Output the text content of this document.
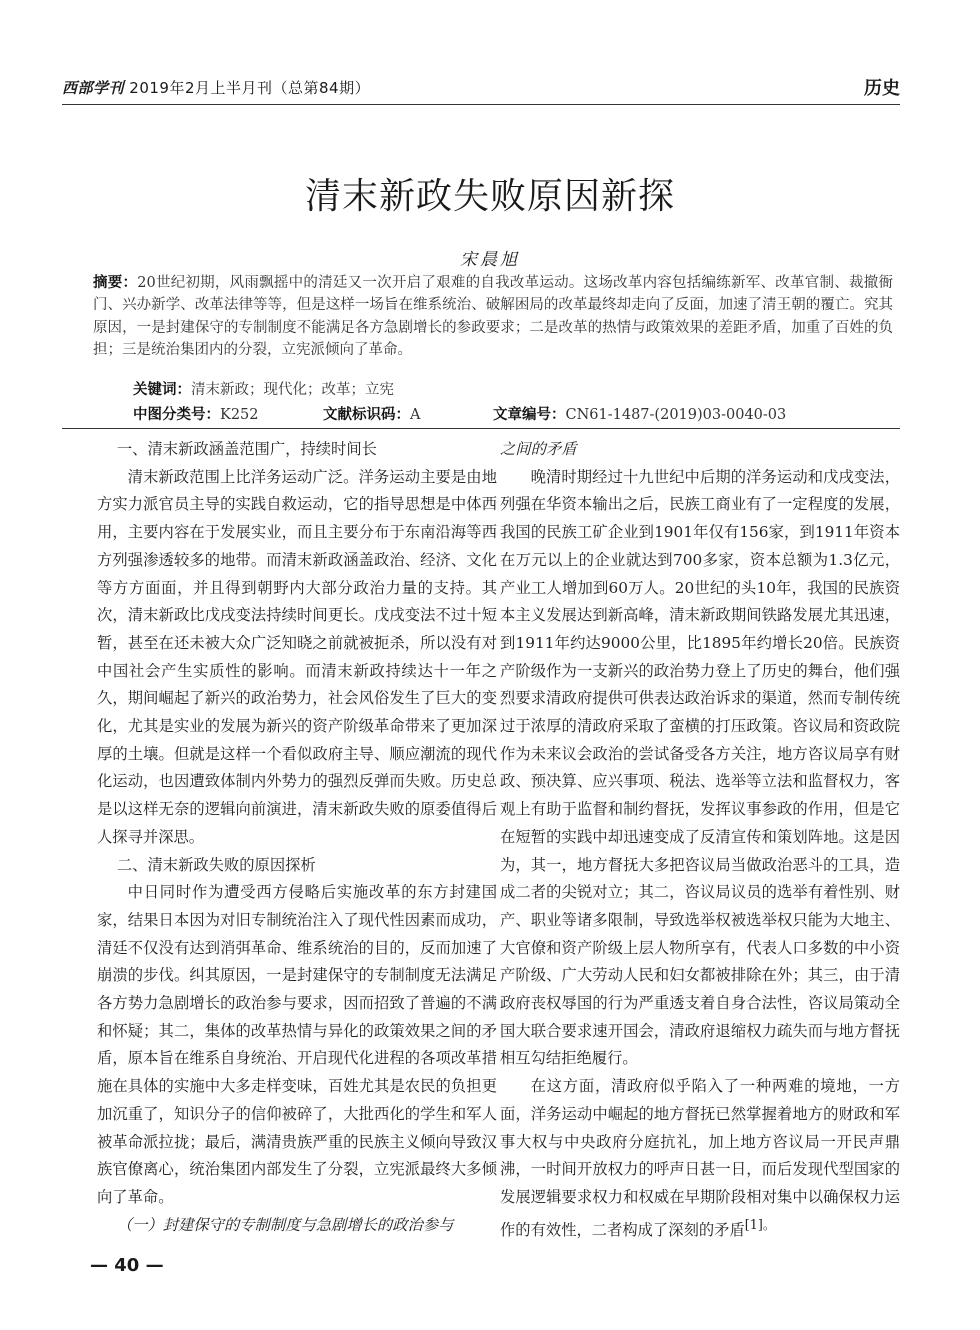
西部学刊 2019年2月上半月刊（总第84期）	历史
清末新政失败原因新探
宋晨旭
摘要：20世纪初期，风雨飘摇中的清廷又一次开启了艰难的自我改革运动。这场改革内容包括编练新军、改革官制、裁撤衙门、兴办新学、改革法律等等，但是这样一场旨在维系统治、破解困局的改革最终却走向了反面，加速了清王朝的覆亡。究其原因，一是封建保守的专制制度不能满足各方急剧增长的参政要求；二是改革的热情与政策效果的差距矛盾，加重了百姓的负担；三是统治集团内的分裂，立宪派倾向了革命。
关键词：清末新政；现代化；改革；立宪
中图分类号：K252	文献标识码：A	文章编号：CN61-1487-(2019)03-0040-03
一、清末新政涵盖范围广，持续时间长

清末新政范围上比洋务运动广泛。洋务运动主要是由地方实力派官员主导的实践自救运动，它的指导思想是中体西用，主要内容在于发展实业，而且主要分布于东南沿海等西方列强渗透较多的地带。而清末新政涵盖政治、经济、文化等方方面面，并且得到朝野内大部分政治力量的支持。其次，清末新政比戊戌变法持续时间更长。戊戌变法不过十短暂，甚至在还未被大众广泛知晓之前就被扼杀，所以没有对中国社会产生实质性的影响。而清末新政持续达十一年之久，期间崛起了新兴的政治势力，社会风俗发生了巨大的变化，尤其是实业的发展为新兴的资产阶级革命带来了更加深厚的土壤。但就是这样一个看似政府主导、顺应潮流的现代化运动，也因遭致体制内外势力的强烈反弹而失败。历史总是以这样无奈的逻辑向前演进，清末新政失败的原委值得后人探寻并深思。

二、清末新政失败的原因探析

中日同时作为遭受西方侵略后实施改革的东方封建国家，结果日本因为对旧专制统治注入了现代性因素而成功，清廷不仅没有达到消弭革命、维系统治的目的，反而加速了崩溃的步伐。纠其原因，一是封建保守的专制制度无法满足各方势力急剧增长的政治参与要求，因而招致了普遍的不满和怀疑；其二，集体的改革热情与异化的政策效果之间的矛盾，原本旨在维系自身统治、开启现代化进程的各项改革措施在具体的实施中大多走样变味，百姓尤其是农民的负担更加沉重了，知识分子的信仰被碎了，大批西化的学生和军人被革命派拉拢；最后，满清贵族严重的民族主义倾向导致汉族官僚离心，统治集团内部发生了分裂，立宪派最终大多倾向了革命。

（一）封建保守的专制制度与急剧增长的政治参与
之间的矛盾

晚清时期经过十九世纪中后期的洋务运动和戊戌变法，列强在华资本输出之后，民族工商业有了一定程度的发展，我国的民族工矿企业到1901年仅有156家，到1911年资本在万元以上的企业就达到700多家，资本总额为1.3亿元，产业工人增加到60万人。20世纪的头10年，我国的民族资本主义发展达到新高峰，清末新政期间铁路发展尤其迅速，到1911年约达9000公里，比1895年约增长20倍。民族资产阶级作为一支新兴的政治势力登上了历史的舞台，他们强烈要求清政府提供可供表达政治诉求的渠道，然而专制传统过于浓厚的清政府采取了蛮横的打压政策。咨议局和资政院作为未来议会政治的尝试备受各方关注，地方咨议局享有财政、预决算、应兴事项、税法、选举等立法和监督权力，客观上有助于监督和制约督抚，发挥议事参政的作用，但是它在短暂的实践中却迅速变成了反清宣传和策划阵地。这是因为，其一，地方督抚大多把咨议局当做政治恶斗的工具，造成二者的尖锐对立；其二，咨议局议员的选举有着性别、财产、职业等诸多限制，导致选举权被选举权只能为大地主、大官僚和资产阶级上层人物所享有，代表人口多数的中小资产阶级、广大劳动人民和妇女都被排除在外；其三，由于清政府丧权辱国的行为严重透支着自身合法性，咨议局策动全国大联合要求速开国会，清政府退缩权力疏失而与地方督抚相互勾结拒绝履行。

在这方面，清政府似乎陷入了一种两难的境地，一方面，洋务运动中崛起的地方督抚已然掌握着地方的财政和军事大权与中央政府分庭抗礼，加上地方咨议局一开民声鼎沸，一时间开放权力的呼声日甚一日，而后发现代型国家的发展逻辑要求权力和权威在早期阶段相对集中以确保权力运作的有效性，二者构成了深刻的矛盾$^{[1]。}$

— 40 —
